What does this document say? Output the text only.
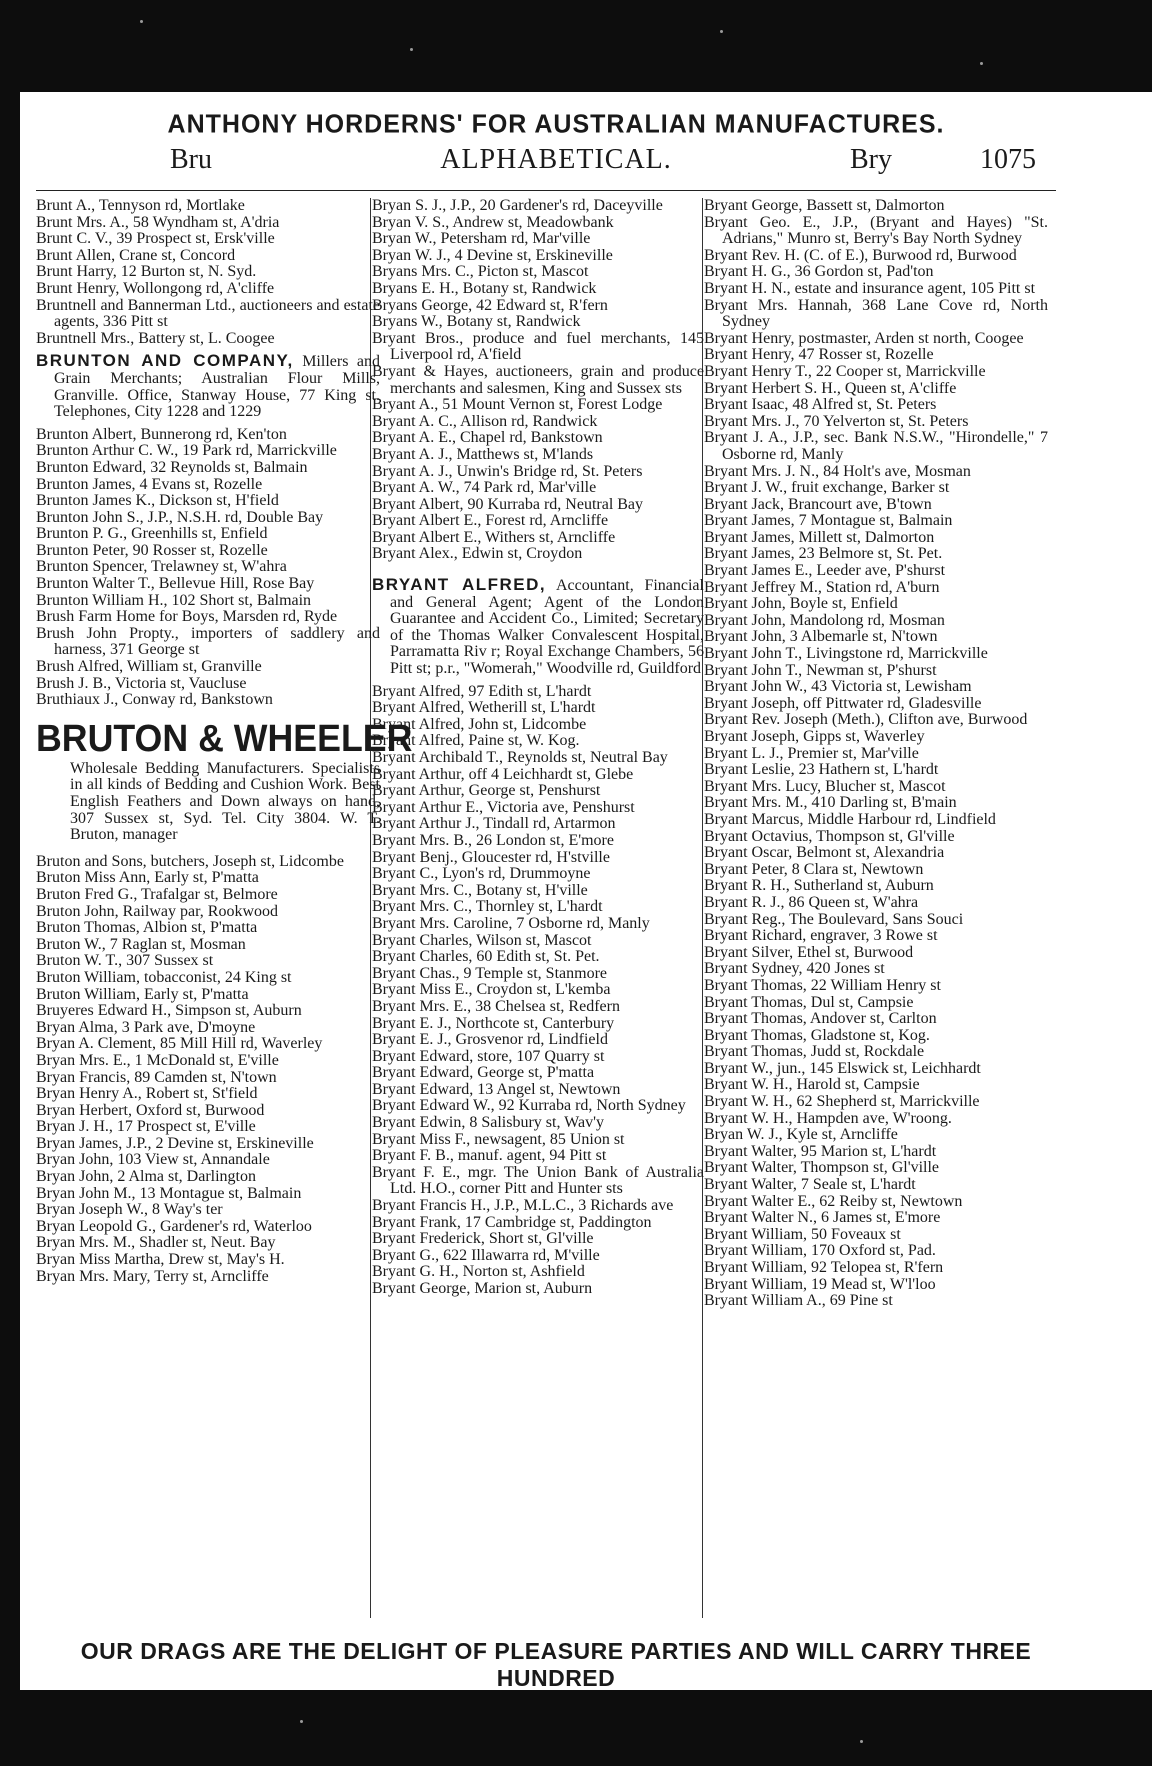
ANTHONY HORDERNS' FOR AUSTRALIAN MANUFACTURES.
ALPHABETICAL.
Bru	Bry	1075
Brunt A., Tennyson rd, Mortlake
Brunt Mrs. A., 58 Wyndham st, A'dria
Brunt C. V., 39 Prospect st, Ersk'ville
Brunt Allen, Crane st, Concord
Brunt Harry, 12 Burton st, N. Syd.
Brunt Henry, Wollongong rd, A'cliffe
Bruntnell and Bannerman Ltd., auctioneers and estate agents, 336 Pitt st
Bruntnell Mrs., Battery st, L. Coogee
BRUNTON AND COMPANY, Millers and Grain Merchants; Australian Flour Mills, Granville. Office, Stanway House, 77 King st. Telephones, City 1228 and 1229
Brunton Albert, Bunnerong rd, Ken'ton
Brunton Arthur C. W., 19 Park rd, Marrickville
Brunton Edward, 32 Reynolds st, Balmain
Brunton James, 4 Evans st, Rozelle
Brunton James K., Dickson st, H'field
Brunton John S., J.P., N.S.H. rd, Double Bay
Brunton P. G., Greenhills st, Enfield
Brunton Peter, 90 Rosser st, Rozelle
Brunton Spencer, Trelawney st, W'ahra
Brunton Walter T., Bellevue Hill, Rose Bay
Brunton William H., 102 Short st, Balmain
Brush Farm Home for Boys, Marsden rd, Ryde
Brush John Propty., importers of saddlery and harness, 371 George st
Brush Alfred, William st, Granville
Brush J. B., Victoria st, Vaucluse
Bruthiaux J., Conway rd, Bankstown
BRUTON & WHEELER
Wholesale Bedding Manufacturers. Specialists in all kinds of Bedding and Cushion Work. Best English Feathers and Down always on hand, 307 Sussex st, Syd. Tel. City 3804. W. T. Bruton, manager
Bruton and Sons, butchers, Joseph st, Lidcombe
Bruton Miss Ann, Early st, P'matta
Bruton Fred G., Trafalgar st, Belmore
Bruton John, Railway par, Rookwood
Bruton Thomas, Albion st, P'matta
Bruton W., 7 Raglan st, Mosman
Bruton W. T., 307 Sussex st
Bruton William, tobacconist, 24 King st
Bruton William, Early st, P'matta
Bruyeres Edward H., Simpson st, Auburn
Bryan Alma, 3 Park ave, D'moyne
Bryan A. Clement, 85 Mill Hill rd, Waverley
Bryan Mrs. E., 1 McDonald st, E'ville
Bryan Francis, 89 Camden st, N'town
Bryan Henry A., Robert st, St'field
Bryan Herbert, Oxford st, Burwood
Bryan J. H., 17 Prospect st, E'ville
Bryan James, J.P., 2 Devine st, Erskineville
Bryan John, 103 View st, Annandale
Bryan John, 2 Alma st, Darlington
Bryan John M., 13 Montague st, Balmain
Bryan Joseph W., 8 Way's ter
Bryan Leopold G., Gardener's rd, Waterloo
Bryan Mrs. M., Shadler st, Neut. Bay
Bryan Miss Martha, Drew st, May's H.
Bryan Mrs. Mary, Terry st, Arncliffe
Bryan S. J., J.P., 20 Gardener's rd, Daceyville
Bryan V. S., Andrew st, Meadowbank
Bryan W., Petersham rd, Mar'ville
Bryan W. J., 4 Devine st, Erskineville
Bryans Mrs. C., Picton st, Mascot
Bryans E. H., Botany st, Randwick
Bryans George, 42 Edward st, R'fern
Bryans W., Botany st, Randwick
Bryant Bros., produce and fuel merchants, 145 Liverpool rd, A'field
Bryant & Hayes, auctioneers, grain and produce merchants and salesmen, King and Sussex sts
Bryant A., 51 Mount Vernon st, Forest Lodge
Bryant A. C., Allison rd, Randwick
Bryant A. E., Chapel rd, Bankstown
Bryant A. J., Matthews st, M'lands
Bryant A. J., Unwin's Bridge rd, St. Peters
Bryant A. W., 74 Park rd, Mar'ville
Bryant Albert, 90 Kurraba rd, Neutral Bay
Bryant Albert E., Forest rd, Arncliffe
Bryant Albert E., Withers st, Arncliffe
Bryant Alex., Edwin st, Croydon
BRYANT ALFRED, Accountant, Financial and General Agent; Agent of the London Guarantee and Accident Co., Limited; Secretary of the Thomas Walker Convalescent Hospital, Parramatta Riv r; Royal Exchange Chambers, 56 Pitt st; p.r., "Womerah," Woodville rd, Guildford
Bryant Alfred, 97 Edith st, L'hardt
Bryant Alfred, Wetherill st, L'hardt
Bryant Alfred, John st, Lidcombe
Bryant Alfred, Paine st, W. Kog.
Bryant Archibald T., Reynolds st, Neutral Bay
Bryant Arthur, off 4 Leichhardt st, Glebe
Bryant Arthur, George st, Penshurst
Bryant Arthur E., Victoria ave, Penshurst
Bryant Arthur J., Tindall rd, Artarmon
Bryant Mrs. B., 26 London st, E'more
Bryant Benj., Gloucester rd, H'stville
Bryant C., Lyon's rd, Drummoyne
Bryant Mrs. C., Botany st, H'ville
Bryant Mrs. C., Thornley st, L'hardt
Bryant Mrs. Caroline, 7 Osborne rd, Manly
Bryant Charles, Wilson st, Mascot
Bryant Charles, 60 Edith st, St. Pet.
Bryant Chas., 9 Temple st, Stanmore
Bryant Miss E., Croydon st, L'kemba
Bryant Mrs. E., 38 Chelsea st, Redfern
Bryant E. J., Northcote st, Canterbury
Bryant E. J., Grosvenor rd, Lindfield
Bryant Edward, store, 107 Quarry st
Bryant Edward, George st, P'matta
Bryant Edward, 13 Angel st, Newtown
Bryant Edward W., 92 Kurraba rd, North Sydney
Bryant Edwin, 8 Salisbury st, Wav'y
Bryant Miss F., newsagent, 85 Union st
Bryant F. B., manuf. agent, 94 Pitt st
Bryant F. E., mgr. The Union Bank of Australia Ltd. H.O., corner Pitt and Hunter sts
Bryant Francis H., J.P., M.L.C., 3 Richards ave
Bryant Frank, 17 Cambridge st, Paddington
Bryant Frederick, Short st, Gl'ville
Bryant G., 622 Illawarra rd, M'ville
Bryant G. H., Norton st, Ashfield
Bryant George, Marion st, Auburn
Bryant George, Bassett st, Dalmorton
Bryant Geo. E., J.P., (Bryant and Hayes) "St. Adrians," Munro st, Berry's Bay North Sydney
Bryant Rev. H. (C. of E.), Burwood rd, Burwood
Bryant H. G., 36 Gordon st, Pad'ton
Bryant H. N., estate and insurance agent, 105 Pitt st
Bryant Mrs. Hannah, 368 Lane Cove rd, North Sydney
Bryant Henry, postmaster, Arden st north, Coogee
Bryant Henry, 47 Rosser st, Rozelle
Bryant Henry T., 22 Cooper st, Marrickville
Bryant Herbert S. H., Queen st, A'cliffe
Bryant Isaac, 48 Alfred st, St. Peters
Bryant Mrs. J., 70 Yelverton st, St. Peters
Bryant J. A., J.P., sec. Bank N.S.W., "Hirondelle," 7 Osborne rd, Manly
Bryant Mrs. J. N., 84 Holt's ave, Mosman
Bryant J. W., fruit exchange, Barker st
Bryant Jack, Brancourt ave, B'town
Bryant James, 7 Montague st, Balmain
Bryant James, Millett st, Dalmorton
Bryant James, 23 Belmore st, St. Pet.
Bryant James E., Leeder ave, P'shurst
Bryant Jeffrey M., Station rd, A'burn
Bryant John, Boyle st, Enfield
Bryant John, Mandolong rd, Mosman
Bryant John, 3 Albemarle st, N'town
Bryant John T., Livingstone rd, Marrickville
Bryant John T., Newman st, P'shurst
Bryant John W., 43 Victoria st, Lewisham
Bryant Joseph, off Pittwater rd, Gladesville
Bryant Rev. Joseph (Meth.), Clifton ave, Burwood
Bryant Joseph, Gipps st, Waverley
Bryant L. J., Premier st, Mar'ville
Bryant Leslie, 23 Hathern st, L'hardt
Bryant Mrs. Lucy, Blucher st, Mascot
Bryant Mrs. M., 410 Darling st, B'main
Bryant Marcus, Middle Harbour rd, Lindfield
Bryant Octavius, Thompson st, Gl'ville
Bryant Oscar, Belmont st, Alexandria
Bryant Peter, 8 Clara st, Newtown
Bryant R. H., Sutherland st, Auburn
Bryant R. J., 86 Queen st, W'ahra
Bryant Reg., The Boulevard, Sans Souci
Bryant Richard, engraver, 3 Rowe st
Bryant Silver, Ethel st, Burwood
Bryant Sydney, 420 Jones st
Bryant Thomas, 22 William Henry st
Bryant Thomas, Dul st, Campsie
Bryant Thomas, Andover st, Carlton
Bryant Thomas, Gladstone st, Kog.
Bryant Thomas, Judd st, Rockdale
Bryant W., jun., 145 Elswick st, Leichhardt
Bryant W. H., Harold st, Campsie
Bryant W. H., 62 Shepherd st, Marrickville
Bryant W. H., Hampden ave, W'roong.
Bryan W. J., Kyle st, Arncliffe
Bryant Walter, 95 Marion st, L'hardt
Bryant Walter, Thompson st, Gl'ville
Bryant Walter, 7 Seale st, L'hardt
Bryant Walter E., 62 Reiby st, Newtown
Bryant Walter N., 6 James st, E'more
Bryant William, 50 Foveaux st
Bryant William, 170 Oxford st, Pad.
Bryant William, 92 Telopea st, R'fern
Bryant William, 19 Mead st, W'l'loo
Bryant William A., 69 Pine st
OUR DRAGS ARE THE DELIGHT OF PLEASURE PARTIES AND WILL CARRY THREE HUNDRED
